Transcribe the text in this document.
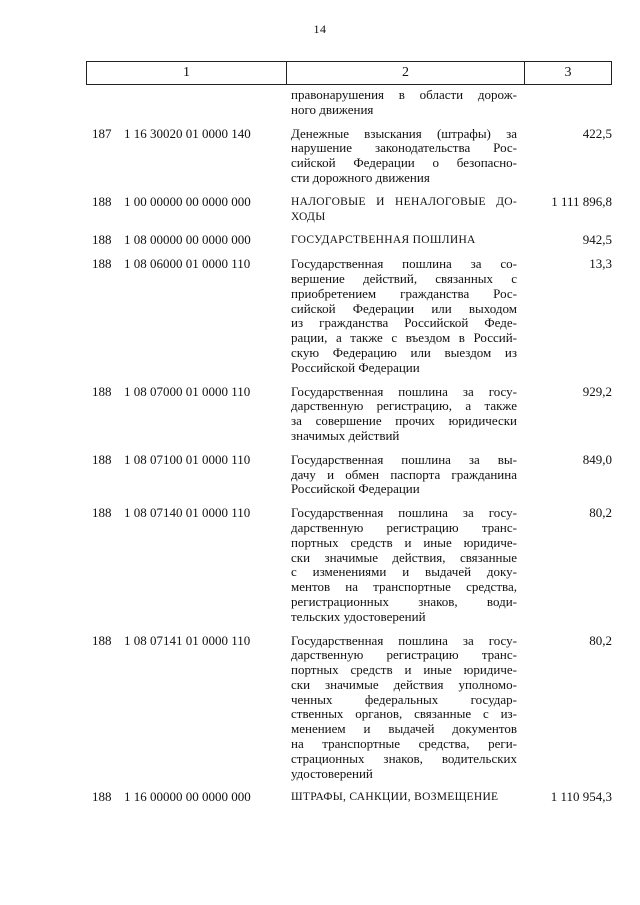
14
1	2	3
правонарушения в области дорож-
ного движения
187 1 16 30020 01 0000 140	Денежные взыскания (штрафы) за
нарушение законодательства Рос-
сийской Федерации о безопасно-
сти дорожного движения
422,5
188 1 00 00000 00 0000 000	НАЛОГОВЫЕ И НЕНАЛОГОВЫЕ ДО-
ХОДЫ
1 111 896,8
188 1 08 00000 00 0000 000	ГОСУДАРСТВЕННАЯ ПОШЛИНА	942,5
188 1 08 06000 01 0000 110	Государственная пошлина за со-
вершение действий, связанных с
приобретением гражданства Рос-
сийской Федерации или выходом
из гражданства Российской Феде-
рации, а также с въездом в Россий-
скую Федерацию или выездом из
Российской Федерации
13,3
188 1 08 07000 01 0000 110	Государственная пошлина за госу-
дарственную регистрацию, а также
за совершение прочих юридически
значимых действий
929,2
188 1 08 07100 01 0000 110	Государственная пошлина за вы-
дачу и обмен паспорта гражданина
Российской Федерации
849,0
188 1 08 07140 01 0000 110	Государственная пошлина за госу-
дарственную регистрацию транс-
портных средств и иные юридиче-
ски значимые действия, связанные
с изменениями и выдачей доку-
ментов на транспортные средства,
регистрационных знаков, води-
тельских удостоверений
80,2
188 1 08 07141 01 0000 110	Государственная пошлина за госу-
дарственную регистрацию транс-
портных средств и иные юридиче-
ски значимые действия уполномо-
ченных федеральных государ-
ственных органов, связанные с из-
менением и выдачей документов
на транспортные средства, реги-
страционных знаков, водительских
удостоверений
80,2
188 1 16 00000 00 0000 000	ШТРАФЫ, САНКЦИИ, ВОЗМЕЩЕНИЕ	1 110 954,3
